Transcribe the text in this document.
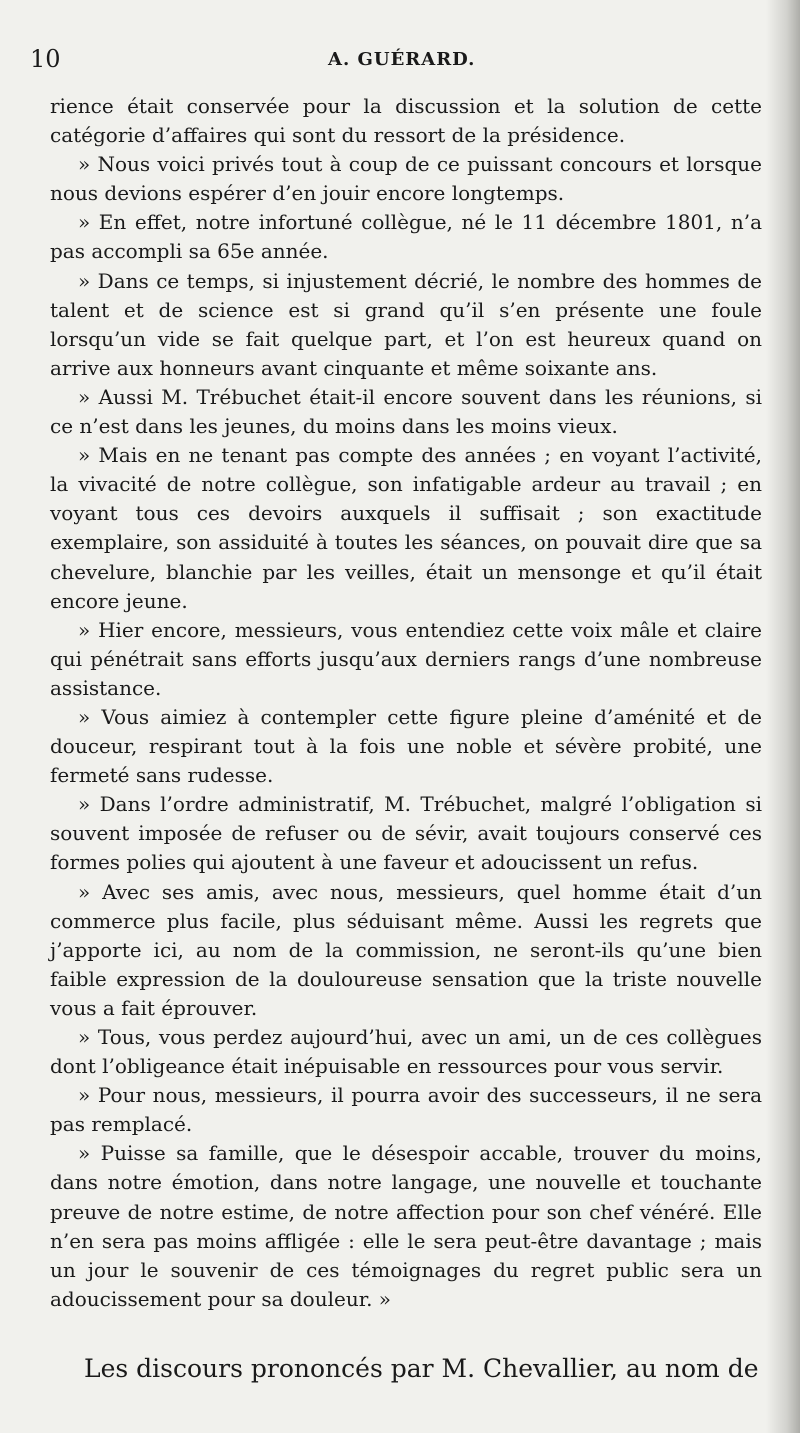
10	A. GUÉRARD.

rience était conservée pour la discussion et la solution de cette catégorie d’affaires qui sont du ressort de la présidence.

» Nous voici privés tout à coup de ce puissant concours et lorsque nous devions espérer d’en jouir encore longtemps.

» En effet, notre infortuné collègue, né le 11 décembre 1801, n’a pas accompli sa 65e année.

» Dans ce temps, si injustement décrié, le nombre des hommes de talent et de science est si grand qu’il s’en présente une foule lorsqu’un vide se fait quelque part, et l’on est heureux quand on arrive aux honneurs avant cinquante et même soixante ans.

» Aussi M. Trébuchet était-il encore souvent dans les réunions, si ce n’est dans les jeunes, du moins dans les moins vieux.

» Mais en ne tenant pas compte des années ; en voyant l’activité, la vivacité de notre collègue, son infatigable ardeur au travail ; en voyant tous ces devoirs auxquels il suffisait ; son exactitude exemplaire, son assiduité à toutes les séances, on pouvait dire que sa chevelure, blanchie par les veilles, était un mensonge et qu’il était encore jeune.

» Hier encore, messieurs, vous entendiez cette voix mâle et claire qui pénétrait sans efforts jusqu’aux derniers rangs d’une nombreuse assistance.

» Vous aimiez à contempler cette figure pleine d’aménité et de douceur, respirant tout à la fois une noble et sévère probité, une fermeté sans rudesse.

» Dans l’ordre administratif, M. Trébuchet, malgré l’obligation si souvent imposée de refuser ou de sévir, avait toujours conservé ces formes polies qui ajoutent à une faveur et adoucissent un refus.

» Avec ses amis, avec nous, messieurs, quel homme était d’un commerce plus facile, plus séduisant même. Aussi les regrets que j’apporte ici, au nom de la commission, ne seront-ils qu’une bien faible expression de la douloureuse sensation que la triste nouvelle vous a fait éprouver.

» Tous, vous perdez aujourd’hui, avec un ami, un de ces collègues dont l’obligeance était inépuisable en ressources pour vous servir.

» Pour nous, messieurs, il pourra avoir des successeurs, il ne sera pas remplacé.

» Puisse sa famille, que le désespoir accable, trouver du moins, dans notre émotion, dans notre langage, une nouvelle et touchante preuve de notre estime, de notre affection pour son chef vénéré. Elle n’en sera pas moins affligée : elle le sera peut-être davantage ; mais un jour le souvenir de ces témoignages du regret public sera un adoucissement pour sa douleur. »

Les discours prononcés par M. Chevallier, au nom de
